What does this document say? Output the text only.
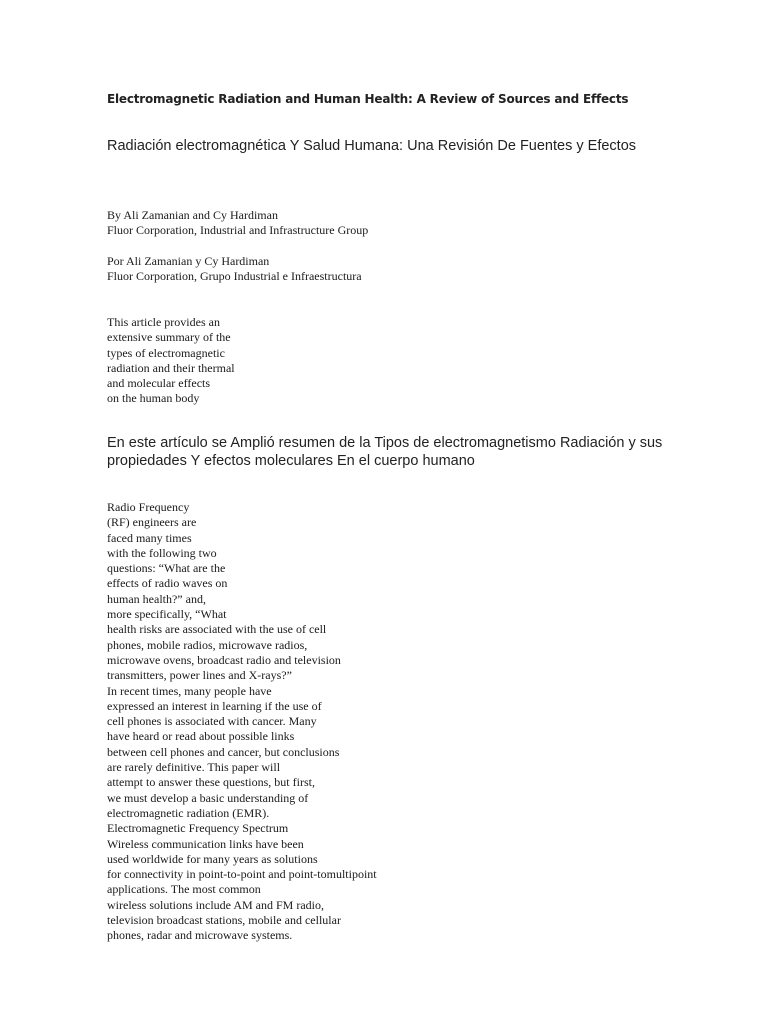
Electromagnetic Radiation and Human Health: A Review of Sources and Effects
Radiación electromagnética Y Salud Humana: Una Revisión De Fuentes y Efectos
By Ali Zamanian and Cy Hardiman
Fluor Corporation, Industrial and Infrastructure Group
Por Ali Zamanian y Cy Hardiman
Fluor Corporation, Grupo Industrial e Infraestructura
This article provides an
extensive summary of the
types of electromagnetic
radiation and their thermal
and molecular effects
on the human body
En este artículo se Amplió resumen de la Tipos de electromagnetismo Radiación y sus
propiedades Y efectos moleculares En el cuerpo humano
Radio Frequency
(RF) engineers are
faced many times
with the following two
questions: “What are the
effects of radio waves on
human health?” and,
more specifically, “What
health risks are associated with the use of cell
phones, mobile radios, microwave radios,
microwave ovens, broadcast radio and television
transmitters, power lines and X-rays?”
In recent times, many people have
expressed an interest in learning if the use of
cell phones is associated with cancer. Many
have heard or read about possible links
between cell phones and cancer, but conclusions
are rarely definitive. This paper will
attempt to answer these questions, but first,
we must develop a basic understanding of
electromagnetic radiation (EMR).
Electromagnetic Frequency Spectrum
Wireless communication links have been
used worldwide for many years as solutions
for connectivity in point-to-point and point-tomultipoint
applications. The most common
wireless solutions include AM and FM radio,
television broadcast stations, mobile and cellular
phones, radar and microwave systems.
